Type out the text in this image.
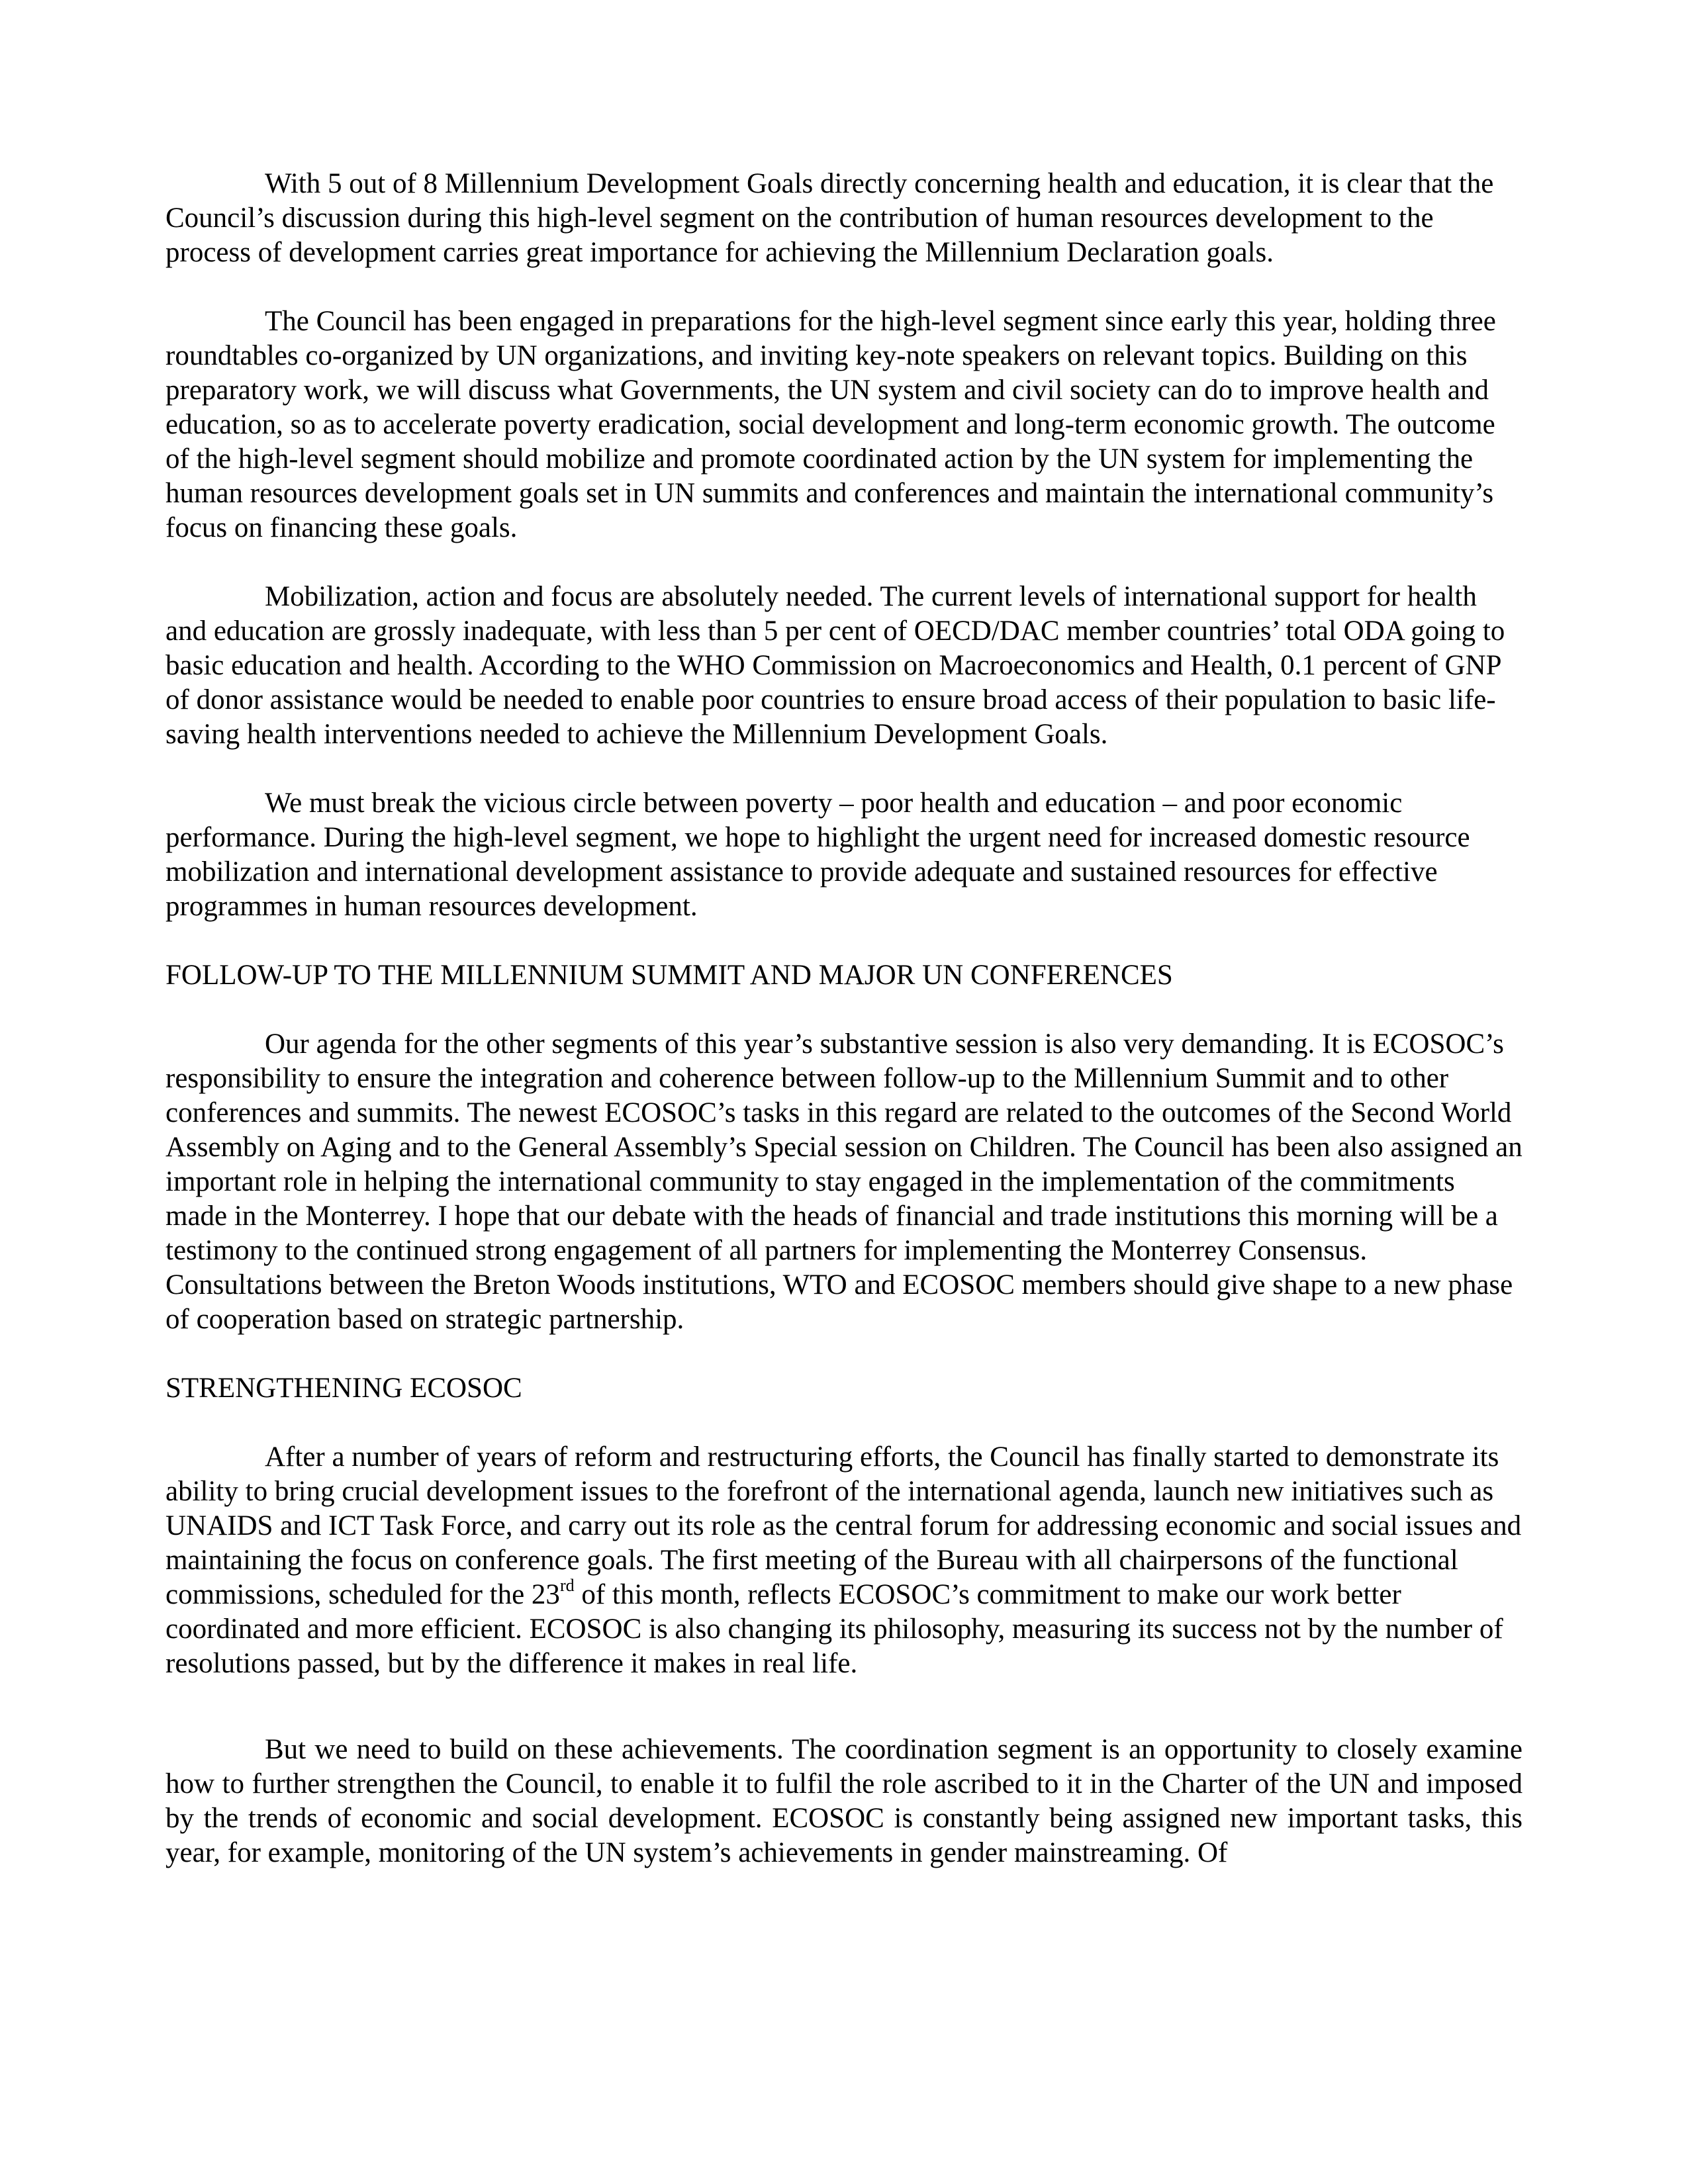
With 5 out of 8 Millennium Development Goals directly concerning health and education, it is clear that the Council’s discussion during this high-level segment on the contribution of human resources development to the process of development carries great importance for achieving the Millennium Declaration goals.

The Council has been engaged in preparations for the high-level segment since early this year, holding three roundtables co-organized by UN organizations, and inviting key-note speakers on relevant topics. Building on this preparatory work, we will discuss what Governments, the UN system and civil society can do to improve health and education, so as to accelerate poverty eradication, social development and long-term economic growth. The outcome of the high-level segment should mobilize and promote coordinated action by the UN system for implementing the human resources development goals set in UN summits and conferences and maintain the international community’s focus on financing these goals.

Mobilization, action and focus are absolutely needed. The current levels of international support for health and education are grossly inadequate, with less than 5 per cent of OECD/DAC member countries’ total ODA going to basic education and health. According to the WHO Commission on Macroeconomics and Health, 0.1 percent of GNP of donor assistance would be needed to enable poor countries to ensure broad access of their population to basic life-saving health interventions needed to achieve the Millennium Development Goals.

We must break the vicious circle between poverty – poor health and education – and poor economic performance. During the high-level segment, we hope to highlight the urgent need for increased domestic resource mobilization and international development assistance to provide adequate and sustained resources for effective programmes in human resources development.

FOLLOW-UP TO THE MILLENNIUM SUMMIT AND MAJOR UN CONFERENCES

Our agenda for the other segments of this year’s substantive session is also very demanding. It is ECOSOC’s responsibility to ensure the integration and coherence between follow-up to the Millennium Summit and to other conferences and summits. The newest ECOSOC’s tasks in this regard are related to the outcomes of the Second World Assembly on Aging and to the General Assembly’s Special session on Children. The Council has been also assigned an important role in helping the international community to stay engaged in the implementation of the commitments made in the Monterrey. I hope that our debate with the heads of financial and trade institutions this morning will be a testimony to the continued strong engagement of all partners for implementing the Monterrey Consensus. Consultations between the Breton Woods institutions, WTO and ECOSOC members should give shape to a new phase of cooperation based on strategic partnership.

STRENGTHENING ECOSOC

After a number of years of reform and restructuring efforts, the Council has finally started to demonstrate its ability to bring crucial development issues to the forefront of the international agenda, launch new initiatives such as UNAIDS and ICT Task Force, and carry out its role as the central forum for addressing economic and social issues and maintaining the focus on conference goals. The first meeting of the Bureau with all chairpersons of the functional commissions, scheduled for the 23rd of this month, reflects ECOSOC’s commitment to make our work better coordinated and more efficient. ECOSOC is also changing its philosophy, measuring its success not by the number of resolutions passed, but by the difference it makes in real life.

But we need to build on these achievements. The coordination segment is an opportunity to closely examine how to further strengthen the Council, to enable it to fulfil the role ascribed to it in the Charter of the UN and imposed by the trends of economic and social development. ECOSOC is constantly being assigned new important tasks, this year, for example, monitoring of the UN system’s achievements in gender mainstreaming. Of
